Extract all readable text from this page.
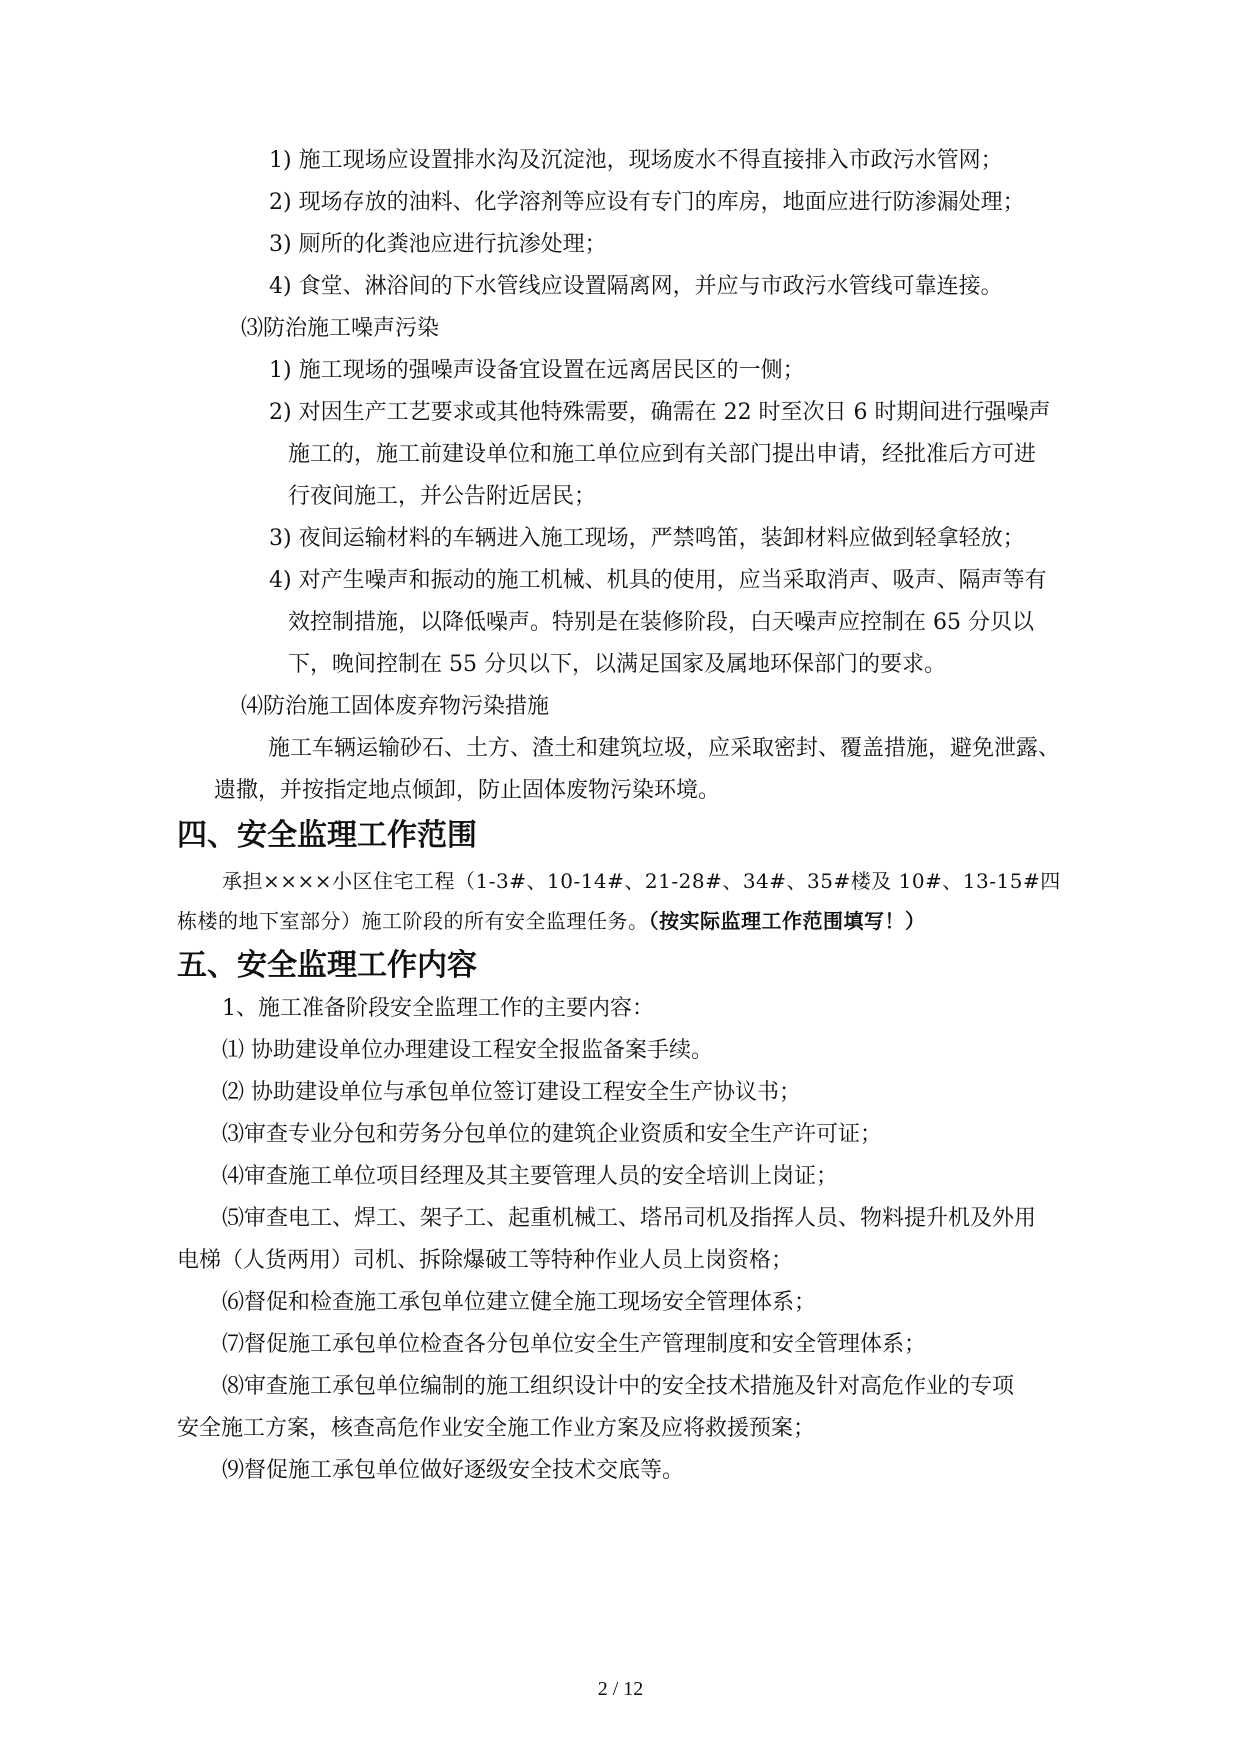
1) 施工现场应设置排水沟及沉淀池，现场废水不得直接排入市政污水管网；
2) 现场存放的油料、化学溶剂等应设有专门的库房，地面应进行防渗漏处理；
3) 厕所的化粪池应进行抗渗处理；
4) 食堂、淋浴间的下水管线应设置隔离网，并应与市政污水管线可靠连接。
⑶防治施工噪声污染
1) 施工现场的强噪声设备宜设置在远离居民区的一侧；
2) 对因生产工艺要求或其他特殊需要，确需在 22 时至次日 6 时期间进行强噪声
施工的，施工前建设单位和施工单位应到有关部门提出申请，经批准后方可进
行夜间施工，并公告附近居民；
3) 夜间运输材料的车辆进入施工现场，严禁鸣笛，装卸材料应做到轻拿轻放；
4) 对产生噪声和振动的施工机械、机具的使用，应当采取消声、吸声、隔声等有
效控制措施，以降低噪声。特别是在装修阶段，白天噪声应控制在 65 分贝以
下，晚间控制在 55 分贝以下，以满足国家及属地环保部门的要求。
⑷防治施工固体废弃物污染措施
施工车辆运输砂石、土方、渣土和建筑垃圾，应采取密封、覆盖措施，避免泄露、
遗撒，并按指定地点倾卸，防止固体废物污染环境。
四、安全监理工作范围
承担××××小区住宅工程（1-3#、10-14#、21-28#、34#、35#楼及 10#、13-15#四
栋楼的地下室部分）施工阶段的所有安全监理任务。（按实际监理工作范围填写！）
五、安全监理工作内容
1、施工准备阶段安全监理工作的主要内容：
⑴ 协助建设单位办理建设工程安全报监备案手续。
⑵ 协助建设单位与承包单位签订建设工程安全生产协议书；
⑶审查专业分包和劳务分包单位的建筑企业资质和安全生产许可证；
⑷审查施工单位项目经理及其主要管理人员的安全培训上岗证；
⑸审查电工、焊工、架子工、起重机械工、塔吊司机及指挥人员、物料提升机及外用
电梯（人货两用）司机、拆除爆破工等特种作业人员上岗资格；
⑹督促和检查施工承包单位建立健全施工现场安全管理体系；
⑺督促施工承包单位检查各分包单位安全生产管理制度和安全管理体系；
⑻审查施工承包单位编制的施工组织设计中的安全技术措施及针对高危作业的专项
安全施工方案，核查高危作业安全施工作业方案及应将救援预案；
⑼督促施工承包单位做好逐级安全技术交底等。
2 / 12
